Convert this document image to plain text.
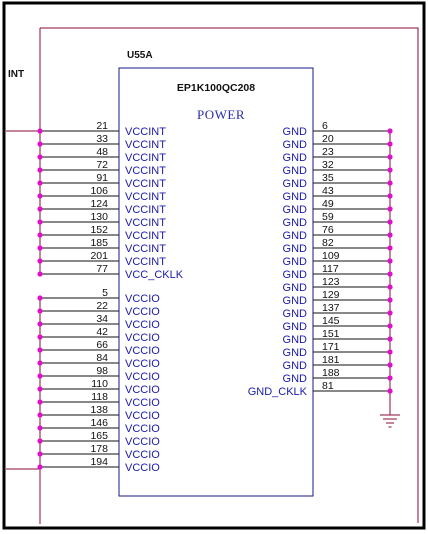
INT
U55A
EP1K100QC208
POWER
21 VCCINT
33 VCCINT
48 VCCINT
72 VCCINT
91 VCCINT
106 VCCINT
124 VCCINT
130 VCCINT
152 VCCINT
185 VCCINT
201 VCCINT
77 VCC_CKLK
5 VCCIO
22 VCCIO
34 VCCIO
42 VCCIO
66 VCCIO
84 VCCIO
98 VCCIO
110 VCCIO
118 VCCIO
138 VCCIO
146 VCCIO
165 VCCIO
178 VCCIO
194 VCCIO
6
GND
20
GND
23
GND
32
GND
35
GND
43
GND
49
GND
59
GND
76
GND
82
GND
109
GND
117
GND
123
GND
129
GND
137
GND
145
GND
151
GND
171
GND
181
GND
188
GND
81
GND_CKLK
